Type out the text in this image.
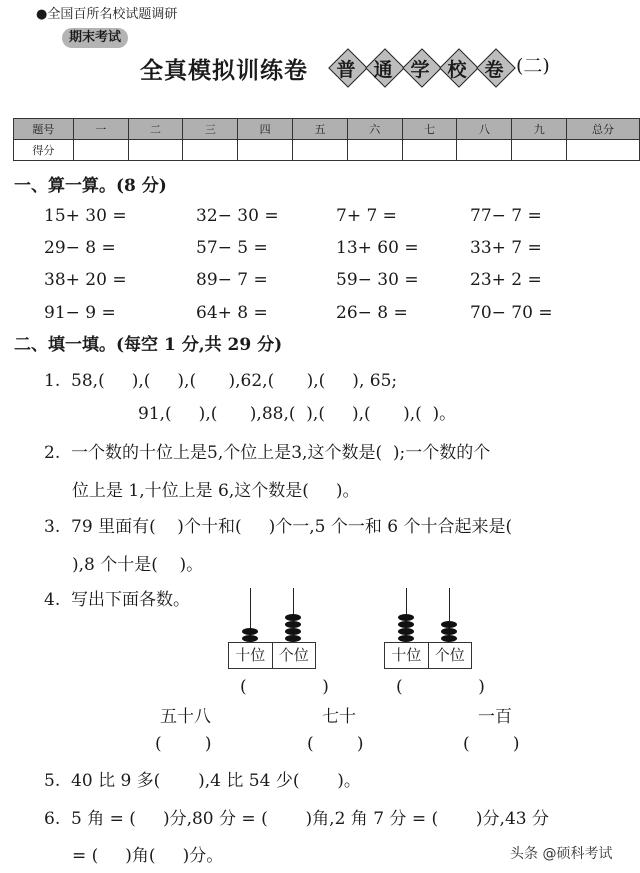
●全国百所名校试题调研
期末考试
全真模拟训练卷	普 通 学 校 卷 (二)
题号	一	二	三	四	五	六	七	八	九	总分
得分										
一、算一算。(8 分)
15+ 30 =	32− 30 =	7+ 7 =	77− 7 =
29− 8 =	57− 5 =	13+ 60 =	33+ 7 =
38+ 20 =	89− 7 =	59− 30 =	23+ 2 =
91− 9 =	64+ 8 =	26− 8 =	70− 70 =
二、填一填。(每空 1 分,共 29 分)
1.  58,(     ),(     ),(      ),62,(      ),(     ), 65;
91,(     ),(      ),88,(  ),(     ),(      ),(  )。
2.  一个数的十位上是5,个位上是3,这个数是(  );一个数的个
位上是 1,十位上是 6,这个数是(     )。
3.  79 里面有(    )个十和(     )个一,5 个一和 6 个十合起来是(
),8 个十是(    )。
4.  写出下面各数。
十位 个位
(              )
十位 个位
(              )
五十八	七十	一百
(        )	(        )	(        )
5.  40 比 9 多(       ),4 比 54 少(       )。
6.  5 角 = (     )分,80 分 = (       )角,2 角 7 分 = (       )分,43 分
= (     )角(     )分。	头条 @硕科考试
